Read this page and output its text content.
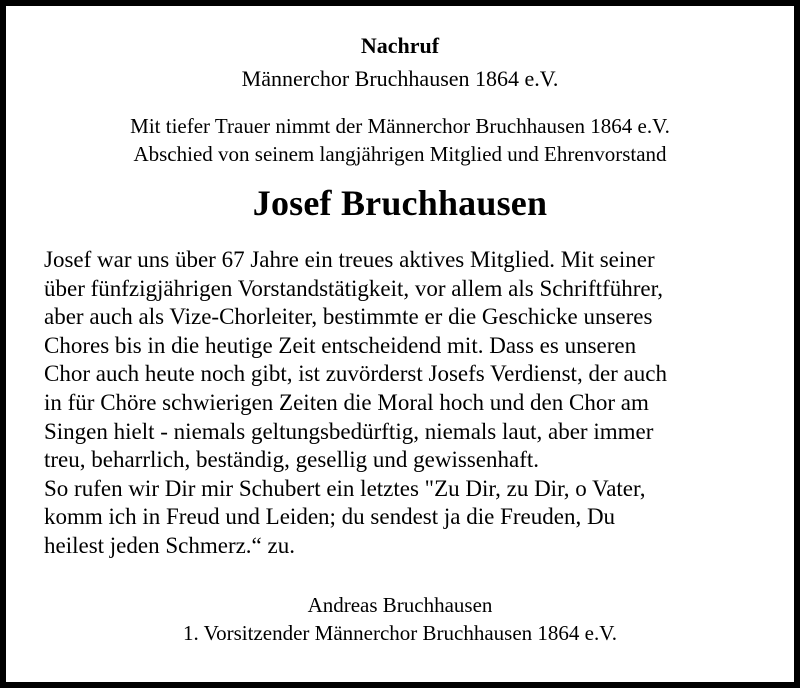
Nachruf
Männerchor Bruchhausen 1864 e.V.
Mit tiefer Trauer nimmt der Männerchor Bruchhausen 1864 e.V.
Abschied von seinem langjährigen Mitglied und Ehrenvorstand
Josef Bruchhausen
Josef war uns über 67 Jahre ein treues aktives Mitglied. Mit seiner
über fünfzigjährigen Vorstandstätigkeit, vor allem als Schriftführer,
aber auch als Vize-Chorleiter, bestimmte er die Geschicke unseres
Chores bis in die heutige Zeit entscheidend mit. Dass es unseren
Chor auch heute noch gibt, ist zuvörderst Josefs Verdienst, der auch
in für Chöre schwierigen Zeiten die Moral hoch und den Chor am
Singen hielt - niemals geltungsbedürftig, niemals laut, aber immer
treu, beharrlich, beständig, gesellig und gewissenhaft.
So rufen wir Dir mir Schubert ein letztes "Zu Dir, zu Dir, o Vater,
komm ich in Freud und Leiden; du sendest ja die Freuden, Du
heilest jeden Schmerz.“ zu.
Andreas Bruchhausen
1. Vorsitzender Männerchor Bruchhausen 1864 e.V.
